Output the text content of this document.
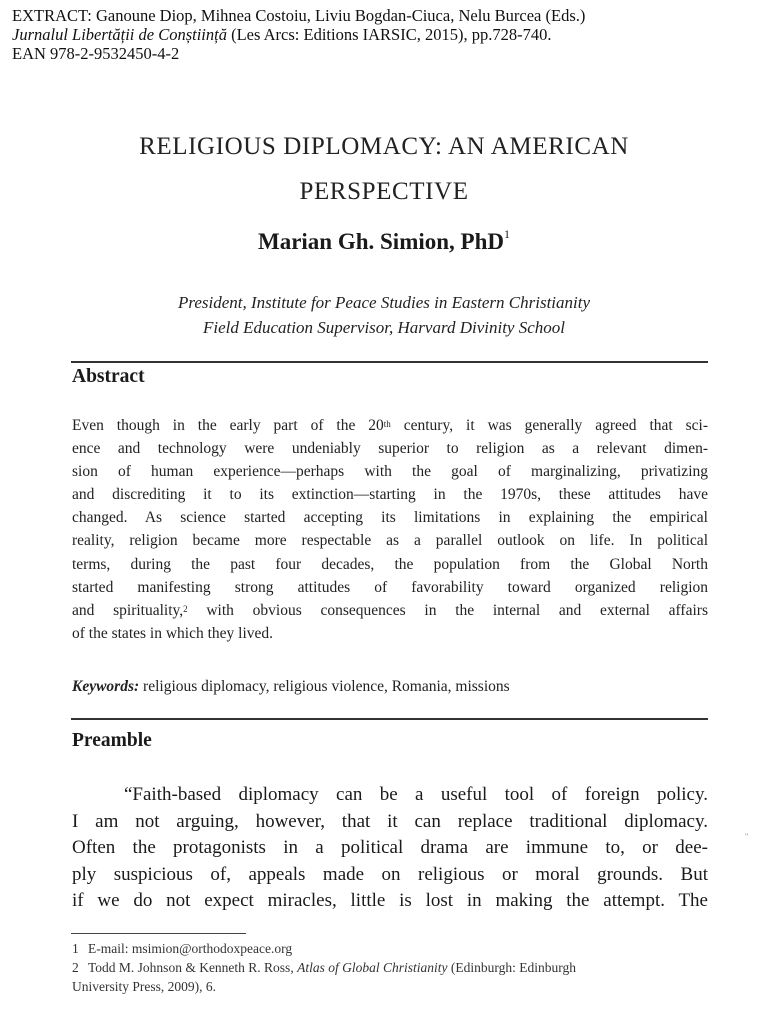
EXTRACT: Ganoune Diop, Mihnea Costoiu, Liviu Bogdan-Ciuca, Nelu Burcea (Eds.)
Jurnalul Libertății de Conștiință (Les Arcs: Editions IARSIC, 2015), pp.728-740.
EAN 978-2-9532450-4-2
RELIGIOUS DIPLOMACY: AN AMERICAN
PERSPECTIVE
Marian Gh. Simion, PhD$^1$
President, Institute for Peace Studies in Eastern Christianity
Field Education Supervisor, Harvard Divinity School
Abstract
Even though in the early part of the 20th century, it was generally agreed that sci-
ence and technology were undeniably superior to religion as a relevant dimen-
sion of human experience—perhaps with the goal of marginalizing, privatizing
and discrediting it to its extinction—starting in the 1970s, these attitudes have
changed. As science started accepting its limitations in explaining the empirical
reality, religion became more respectable as a parallel outlook on life. In political
terms, during the past four decades, the population from the Global North
started manifesting strong attitudes of favorability toward organized religion
and spirituality,$^2$ with obvious consequences in the internal and external affairs
of the states in which they lived.
Keywords: religious diplomacy, religious violence, Romania, missions
Preamble
“Faith-based diplomacy can be a useful tool of foreign policy.
I am not arguing, however, that it can replace traditional diplomacy.
Often the protagonists in a political drama are immune to, or dee-
ply suspicious of, appeals made on religious or moral grounds. But
if we do not expect miracles, little is lost in making the attempt. The
"
1 E-mail: msimion@orthodoxpeace.org
2 Todd M. Johnson & Kenneth R. Ross, Atlas of Global Christianity (Edinburgh: Edinburgh
University Press, 2009), 6.
